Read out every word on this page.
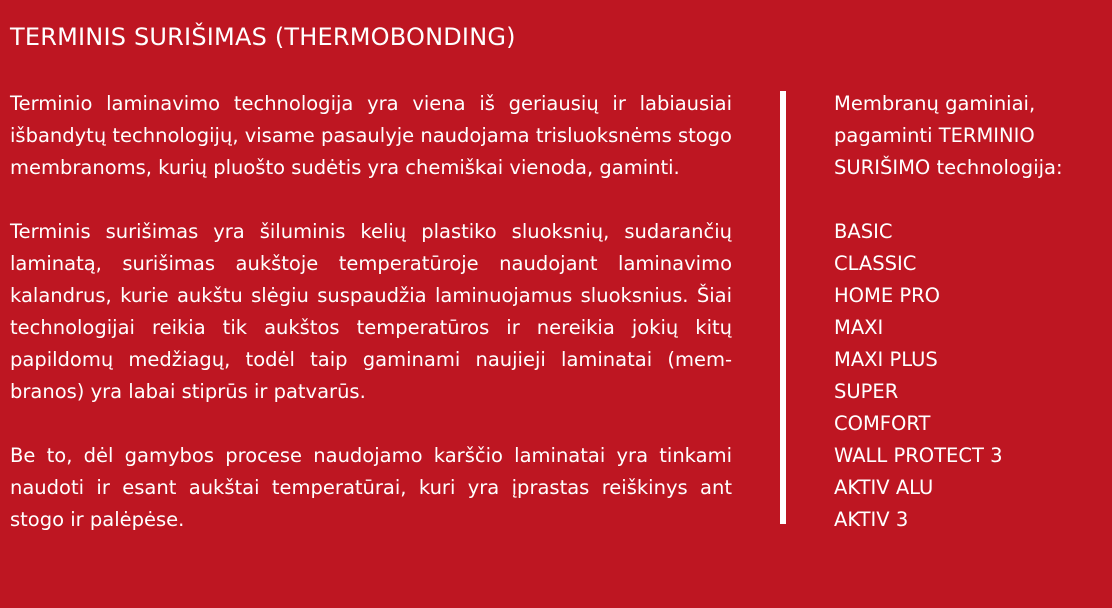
TERMINIS SURIŠIMAS (THERMOBONDING)

Terminio laminavimo technologija yra viena iš geriausių ir labiausiai išbandytų technologijų, visame pasaulyje naudojama trisluoksnėms stogo membranoms, kurių pluošto sudėtis yra chemiškai vienoda, gaminti.

Terminis surišimas yra šiluminis kelių plastiko sluoksnių, sudarančių laminatą, surišimas aukštoje temperatūroje naudojant laminavimo kalandrus, kurie aukštu slėgiu suspaudžia laminuojamus sluoksnius. Šiai technologijai reikia tik aukštos temperatūros ir nereikia jokių kitų papildomų medžiagų, todėl taip gaminami naujieji laminatai (membranos) yra labai stiprūs ir patvarūs.

Be to, dėl gamybos procese naudojamo karščio laminatai yra tinkami naudoti ir esant aukštai temperatūrai, kuri yra įprastas reiškinys ant stogo ir palėpėse.

Membranų gaminiai, pagaminti TERMINIO SURIŠIMO technologija:

BASIC
CLASSIC
HOME PRO
MAXI
MAXI PLUS
SUPER
COMFORT
WALL PROTECT 3
AKTIV ALU
AKTIV 3
